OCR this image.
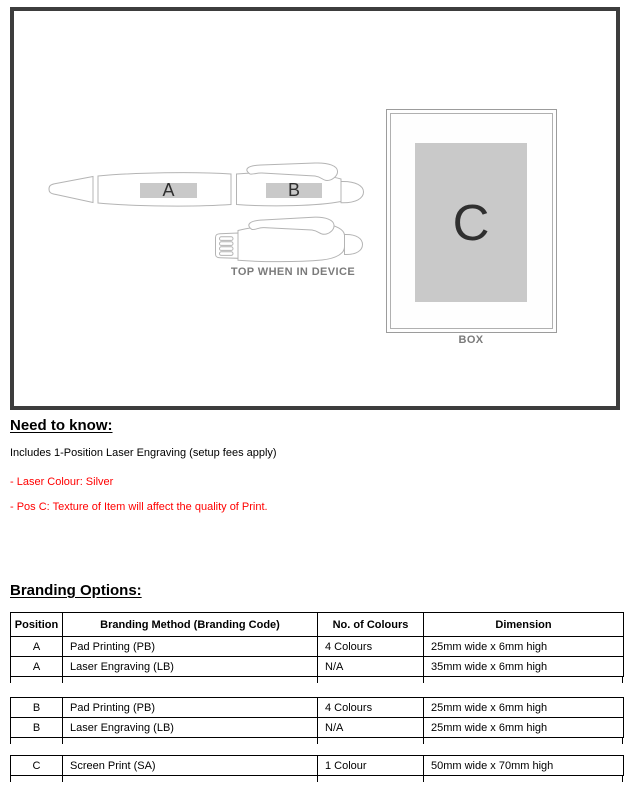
A	B
TOP WHEN IN DEVICE
C
BOX
Need to know:
Includes 1-Position Laser Engraving (setup fees apply)
- Laser Colour: Silver
- Pos C: Texture of Item will affect the quality of Print.
Branding Options:
Position	Branding Method (Branding Code)	No. of Colours	Dimension
A	Pad Printing (PB)	4 Colours	25mm wide x 6mm high
A	Laser Engraving (LB)	N/A	35mm wide x 6mm high
B	Pad Printing (PB)	4 Colours	25mm wide x 6mm high
B	Laser Engraving (LB)	N/A	25mm wide x 6mm high
C	Screen Print (SA)	1 Colour	50mm wide x 70mm high
